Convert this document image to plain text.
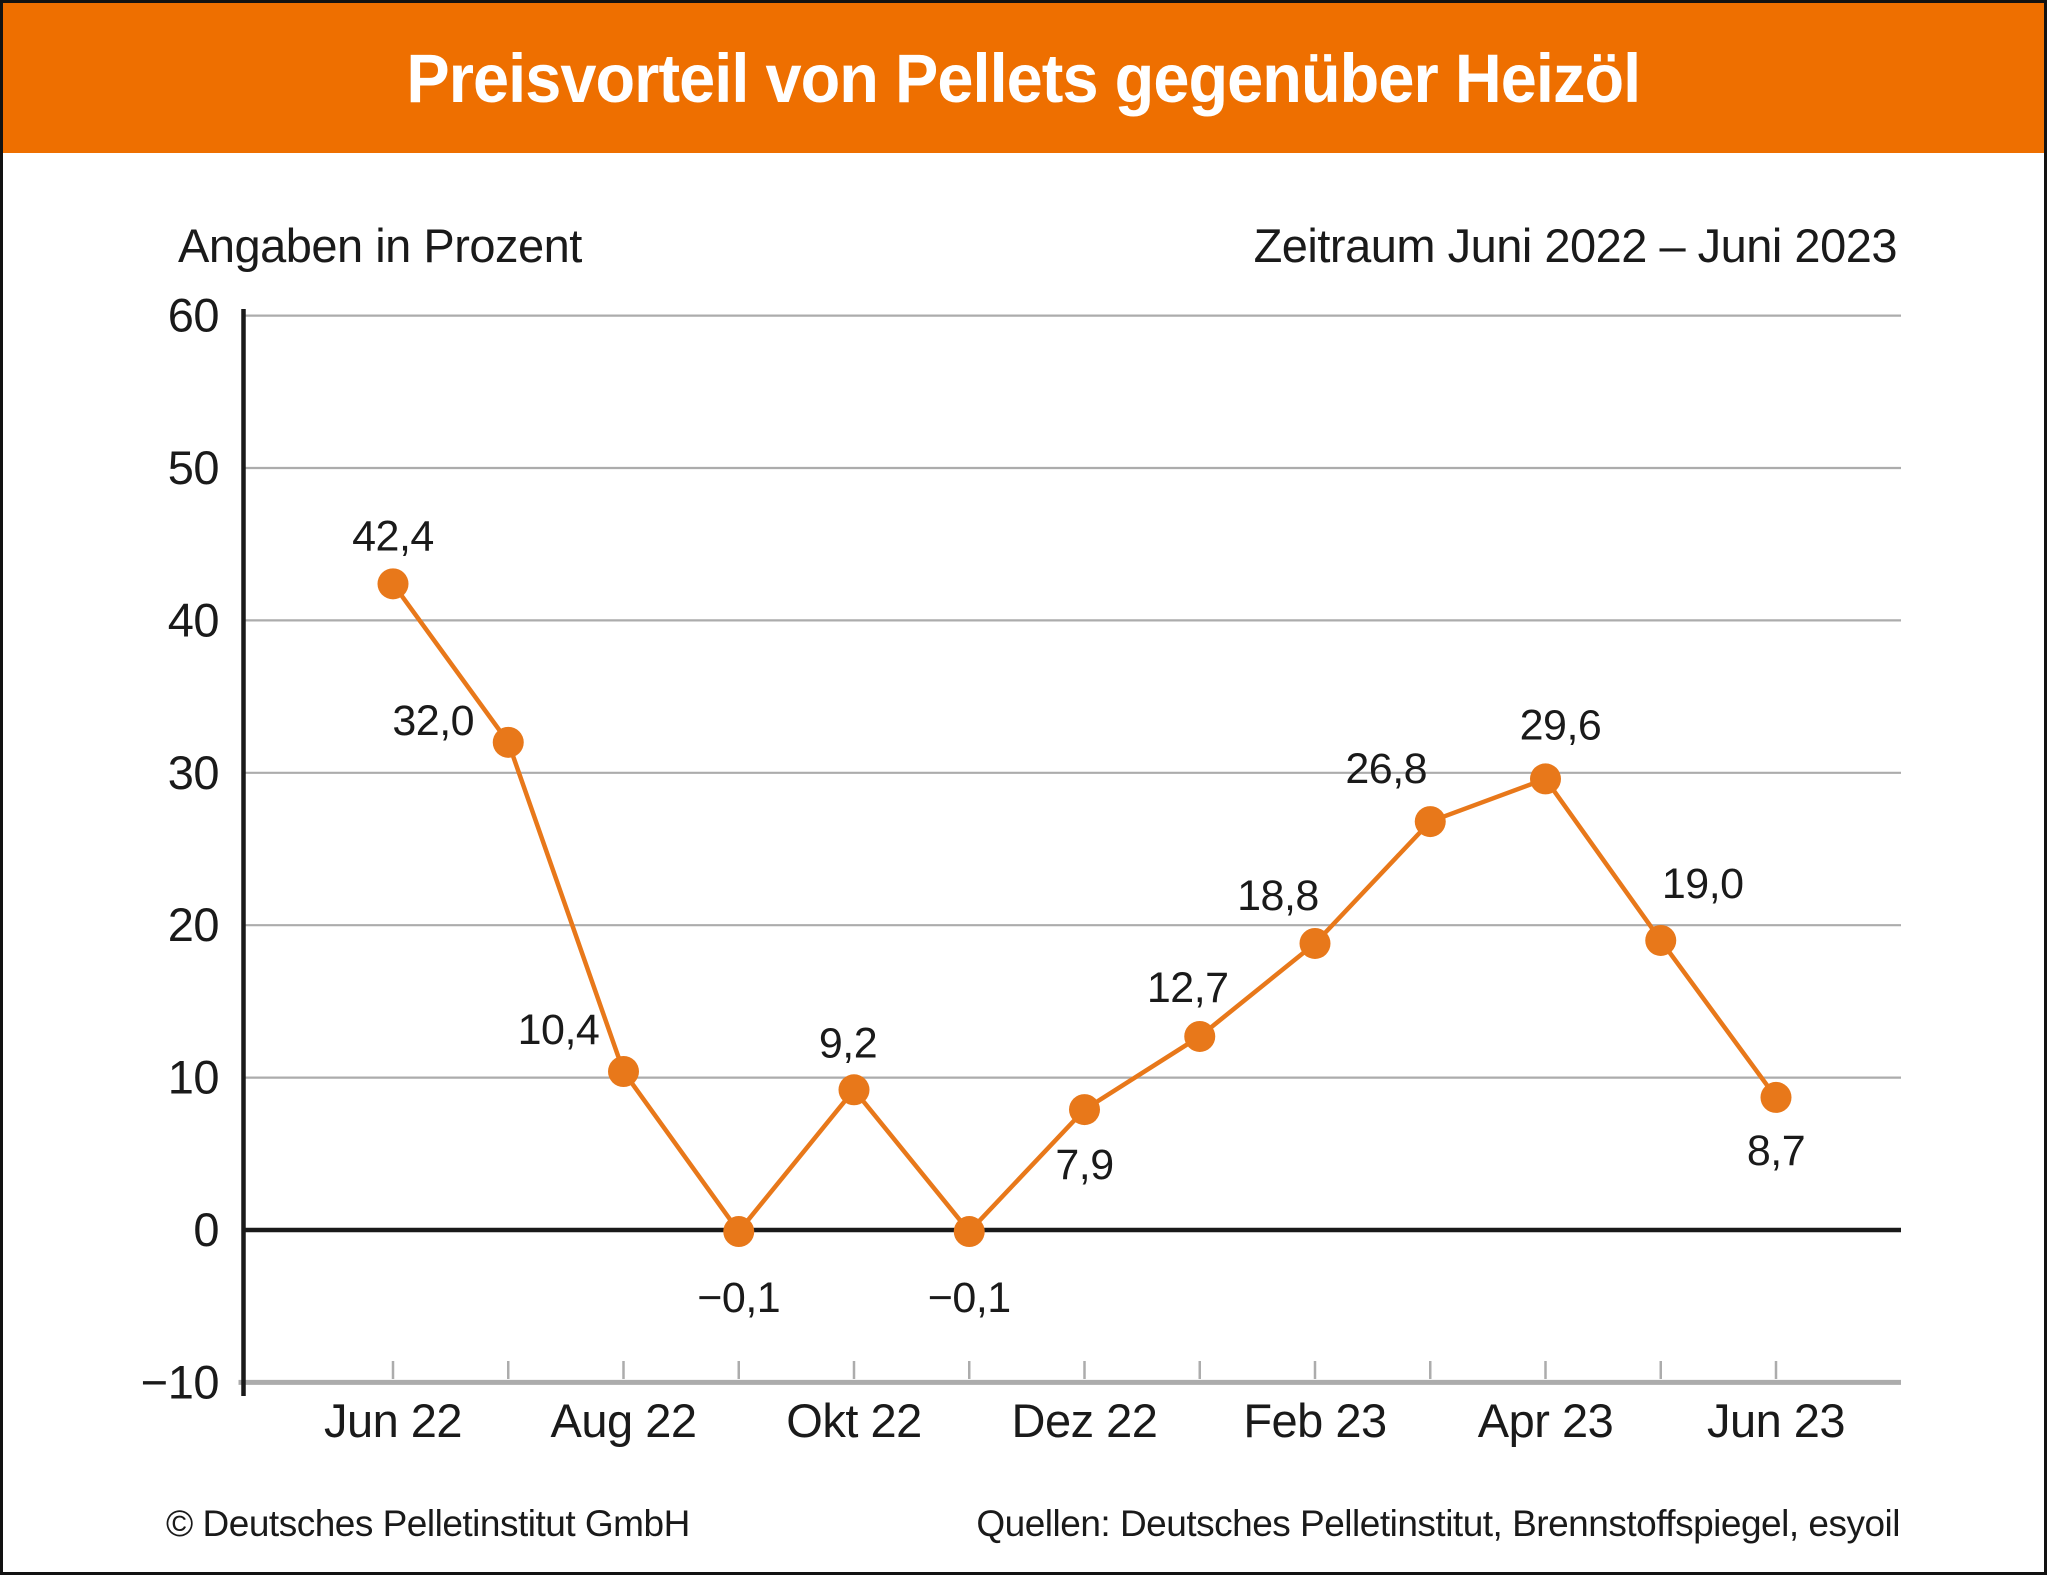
Preisvorteil von Pellets gegenüber Heizöl
Angaben in Prozent	Zeitraum Juni 2022 – Juni 2023
60
50
40
30
20
10
0
−10
Jun 22 Aug 22 Okt 22 Dez 22 Feb 23 Apr 23 Jun 23
42,4
32,0
10,4
−0,1
9,2
−0,1
7,9
12,7
18,8
26,8
29,6
19,0
8,7
© Deutsches Pelletinstitut GmbH	Quellen: Deutsches Pelletinstitut, Brennstoffspiegel, esyoil
